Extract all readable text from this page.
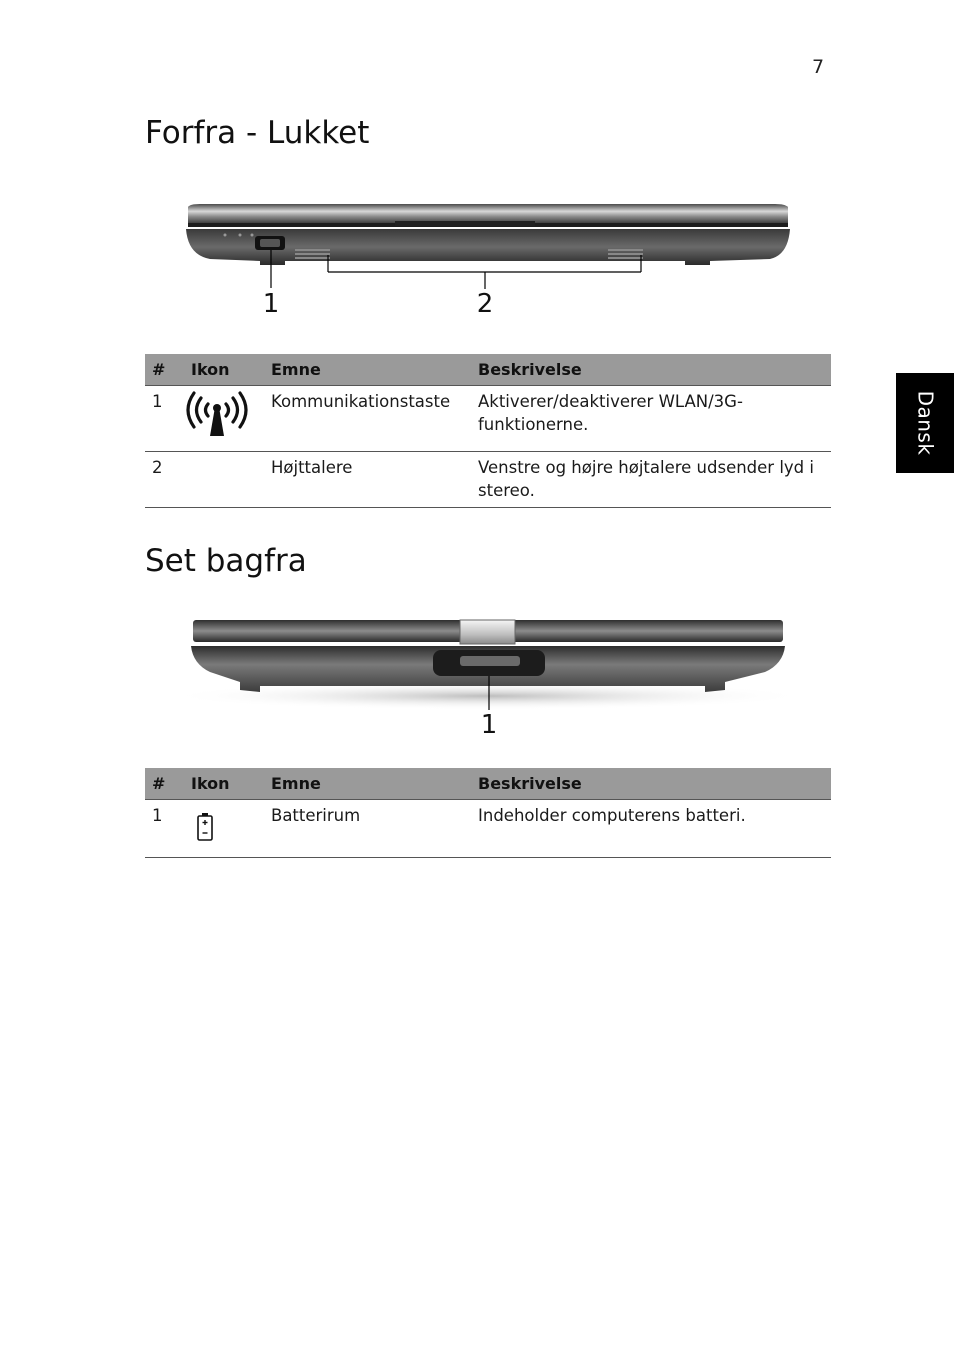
7
Dansk
Forfra - Lukket
1	2
#	Ikon	Emne	Beskrivelse
1		Kommunikationstaste	Aktiverer/deaktiverer WLAN/3G-funktionerne.
2		Højttalere	Venstre og højre højtalere udsender lyd i stereo.
Set bagfra
1
#	Ikon	Emne	Beskrivelse
1		Batterirum	Indeholder computerens batteri.
